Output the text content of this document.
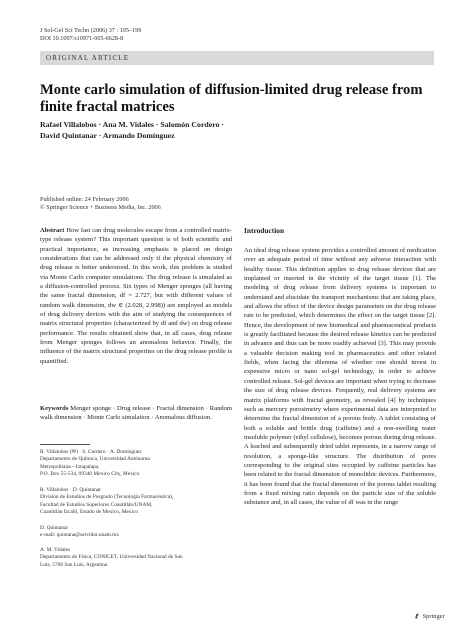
J Sol-Gel Sci Techn (2006) 37 : 195–199
DOI 10.1007/s10971-005-6628-8
ORIGINAL ARTICLE
Monte carlo simulation of diffusion-limited drug release from finite fractal matrices
Rafael Villalobos · Ana M. Vidales · Salomón Cordero ·
David Quintanar · Armando Domínguez
Published online: 24 February 2006
© Springer Science + Business Media, Inc. 2006
Abstract How fast can drug molecules escape from a controlled matrix-type release system? This important question is of both scientific and practical importance, as increasing emphasis is placed on design considerations that can be addressed only if the physical chemistry of drug release is better understood. In this work, this problem is studied via Monte Carlo computer simulations. The drug release is simulated as a diffusion-controlled process. Six types of Menger sponges (all having the same fractal dimension, df = 2.727, but with different values of random walk dimension, dw ∈ (2.028, 2.998)) are employed as models of drug delivery devices with the aim of studying the consequences of matrix structural properties (characterized by df and dw) on drug release performance. The results obtained show that, in all cases, drug release from Menger sponges follows an anomalous behavior. Finally, the influence of the matrix structural properties on the drug release profile is quantified.
Keywords Menger sponge · Drug release · Fractal dimension · Random walk dimension · Monte Carlo simulation · Anomalous diffusion.
R. Villalobos (✉) · S. Cordero · A. Domínguez
Departamento de Química, Universidad Autónoma
Metropolitana—Iztapalapa,
P.O. Box 55-534, 09340 Mexico City, Mexico
R. Villalobos · D. Quintanar
División de Estudios de Posgrado (Tecnología Farmacéutica),
Facultad de Estudios Superiores Cuautitlán/UNAM,
Cuautitlán Izcalli, Estado de Mexico, Mexico
D. Quintanar
e-mail: quintana@servidor.unam.mx
A. M. Vidales
Departamento de Física, CONICET, Universidad Nacional de San
Luis, 5700 San Luis, Argentina
Introduction
An ideal drug release system provides a controlled amount of medication over an adequate period of time without any adverse interaction with healthy tissue. This definition applies to drug release devices that are implanted or inserted in the vicinity of the target tissue [1]. The modeling of drug release from delivery systems is important to understand and elucidate the transport mechanisms that are taking place, and allows the effect of the device design parameters on the drug release rate to be predicted, which determines the effect on the target tissue [2]. Hence, the development of new biomedical and pharmaceutical products is greatly facilitated because the desired release kinetics can be predicted in advance and thus can be more readily achieved [3]. This may provide a valuable decision making tool in pharmaceutics and other related fields, when facing the dilemma of whether one should invest in expensive micro or nano sol-gel technology, in order to achieve controlled release. Sol-gel devices are important when trying to decrease the size of drug release devices. Frequently, real delivery systems are matrix platforms with fractal geometry, as revealed [4] by techniques such as mercury porosimetry where experimental data are interpreted to determine the fractal dimension of a porous body. A tablet consisting of both a soluble and brittle drug (caffeine) and a non-swelling water insoluble polymer (ethyl cellulose), becomes porous during drug release. A leached and subsequently dried tablet represents, in a narrow range of resolution, a sponge-like structure. The distribution of pores corresponding to the original sites occupied by caffeine particles has been related to the fractal dimension of monolithic devices. Furthermore, it has been found that the fractal dimension of the porous tablet resulting from a fixed mixing ratio depends on the particle size of the soluble substance and, in all cases, the value of df was in the range
Springer
